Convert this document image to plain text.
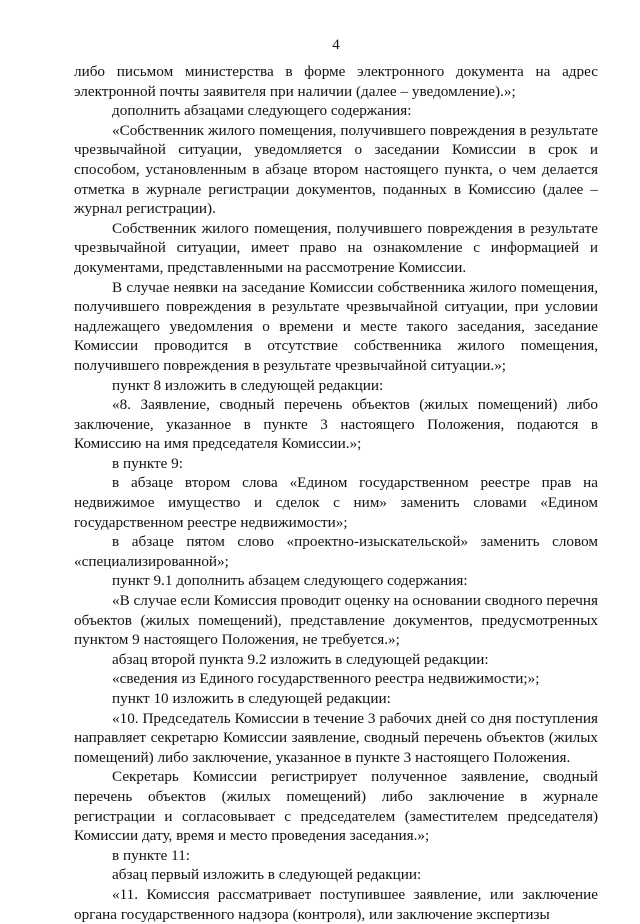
4

либо письмом министерства в форме электронного документа на адрес электронной почты заявителя при наличии (далее – уведомление).»;

дополнить абзацами следующего содержания:

«Собственник жилого помещения, получившего повреждения в результате чрезвычайной ситуации, уведомляется о заседании Комиссии в срок и способом, установленным в абзаце втором настоящего пункта, о чем делается отметка в журнале регистрации документов, поданных в Комиссию (далее – журнал регистрации).

Собственник жилого помещения, получившего повреждения в результате чрезвычайной ситуации, имеет право на ознакомление с информацией и документами, представленными на рассмотрение Комиссии.

В случае неявки на заседание Комиссии собственника жилого помещения, получившего повреждения в результате чрезвычайной ситуации, при условии надлежащего уведомления о времени и месте такого заседания, заседание Комиссии проводится в отсутствие собственника жилого помещения, получившего повреждения в результате чрезвычайной ситуации.»;

пункт 8 изложить в следующей редакции:

«8. Заявление, сводный перечень объектов (жилых помещений) либо заключение, указанное в пункте 3 настоящего Положения, подаются в Комиссию на имя председателя Комиссии.»;

в пункте 9:

в абзаце втором слова «Едином государственном реестре прав на недвижимое имущество и сделок с ним» заменить словами «Едином государственном реестре недвижимости»;

в абзаце пятом слово «проектно-изыскательской» заменить словом «специализированной»;

пункт 9.1 дополнить абзацем следующего содержания:

«В случае если Комиссия проводит оценку на основании сводного перечня объектов (жилых помещений), представление документов, предусмотренных пунктом 9 настоящего Положения, не требуется.»;

абзац второй пункта 9.2 изложить в следующей редакции:

«сведения из Единого государственного реестра недвижимости;»;

пункт 10 изложить в следующей редакции:

«10. Председатель Комиссии в течение 3 рабочих дней со дня поступления направляет секретарю Комиссии заявление, сводный перечень объектов (жилых помещений) либо заключение, указанное в пункте 3 настоящего Положения.

Секретарь Комиссии регистрирует полученное заявление, сводный перечень объектов (жилых помещений) либо заключение в журнале регистрации и согласовывает с председателем (заместителем председателя) Комиссии дату, время и место проведения заседания.»;

в пункте 11:

абзац первый изложить в следующей редакции:

«11. Комиссия рассматривает поступившее заявление, или заключение органа государственного надзора (контроля), или заключение экспертизы
